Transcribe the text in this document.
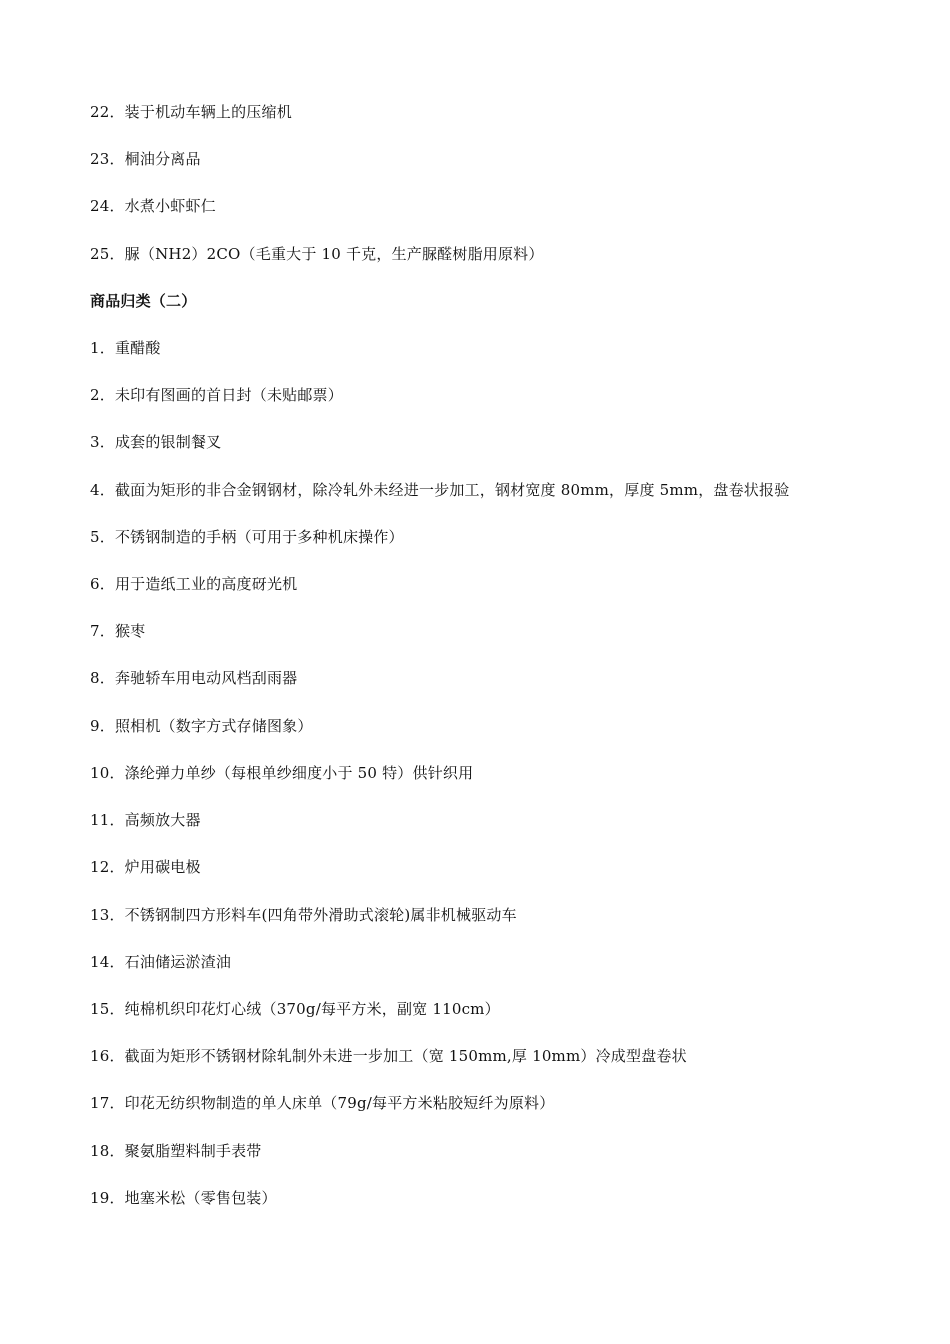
22．装于机动车辆上的压缩机
23．桐油分离品
24．水煮小虾虾仁
25．脲（NH2）2CO（毛重大于 10 千克，生产脲醛树脂用原料）
商品归类（二）
1．重醋酸
2．未印有图画的首日封（未贴邮票）
3．成套的银制餐叉
4．截面为矩形的非合金钢钢材，除冷轧外未经进一步加工，钢材宽度 80mm，厚度 5mm，盘卷状报验
5．不锈钢制造的手柄（可用于多种机床操作）
6．用于造纸工业的高度砑光机
7．猴枣
8．奔驰轿车用电动风档刮雨器
9．照相机（数字方式存储图象）
10．涤纶弹力单纱（每根单纱细度小于 50 特）供针织用
11．高频放大器
12．炉用碳电极
13．不锈钢制四方形料车(四角带外滑助式滚轮)属非机械驱动车
14．石油储运淤渣油
15．纯棉机织印花灯心绒（370g/每平方米，副宽 110cm）
16．截面为矩形不锈钢材除轧制外未进一步加工（宽 150mm,厚 10mm）冷成型盘卷状
17．印花无纺织物制造的单人床单（79g/每平方米粘胶短纤为原料）
18．聚氨脂塑料制手表带
19．地塞米松（零售包装）
